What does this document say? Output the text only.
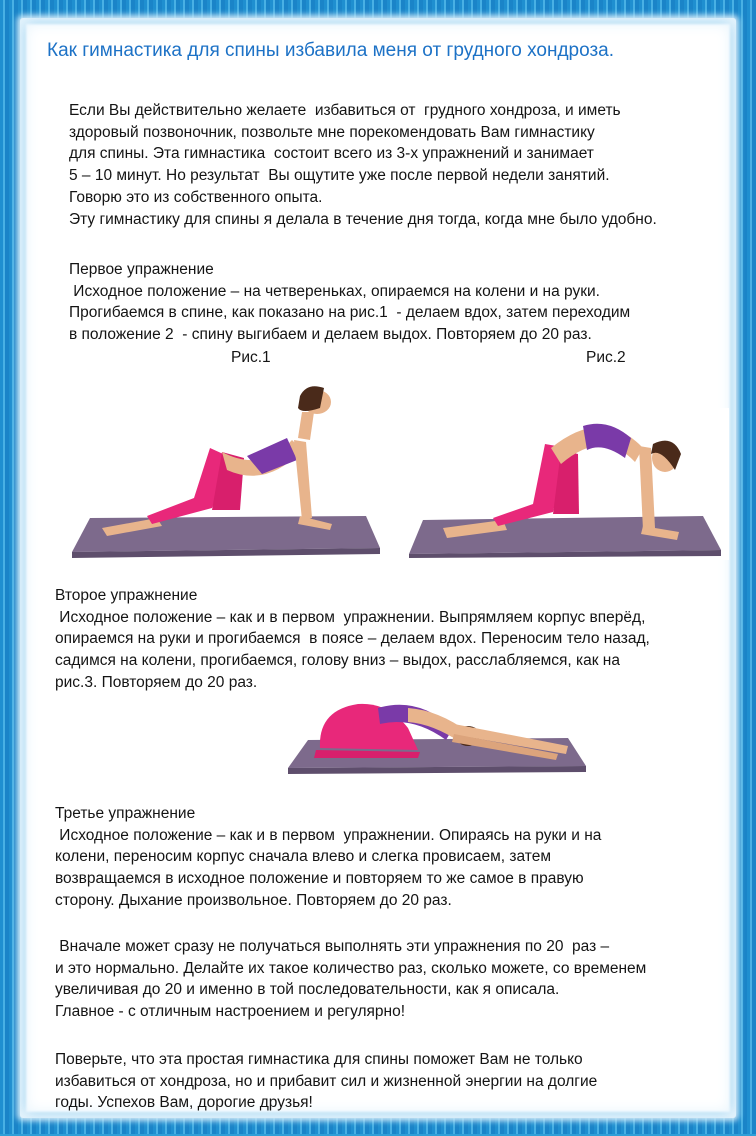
Как гимнастика для спины избавила меня от грудного хондроза.

Если Вы действительно желаете  избавиться от  грудного хондроза, и иметь
здоровый позвоночник, позвольте мне порекомендовать Вам гимнастику
для спины. Эта гимнастика  состоит всего из 3-х упражнений и занимает
5 – 10 минут. Но результат  Вы ощутите уже после первой недели занятий.
Говорю это из собственного опыта.
Эту гимнастику для спины я делала в течение дня тогда, когда мне было удобно.

Первое упражнение
Исходное положение – на четвереньках, опираемся на колени и на руки.
Прогибаемся в спине, как показано на рис.1  - делаем вдох, затем переходим
в положение 2  - спину выгибаем и делаем выдох. Повторяем до 20 раз.

Рис.1	Рис.2

Второе упражнение
Исходное положение – как и в первом  упражнении. Выпрямляем корпус вперёд,
опираемся на руки и прогибаемся  в поясе – делаем вдох. Переносим тело назад,
садимся на колени, прогибаемся, голову вниз – выдох, расслабляемся, как на
рис.3. Повторяем до 20 раз.

Третье упражнение
Исходное положение – как и в первом  упражнении. Опираясь на руки и на
колени, переносим корпус сначала влево и слегка провисаем, затем
возвращаемся в исходное положение и повторяем то же самое в правую
сторону. Дыхание произвольное. Повторяем до 20 раз.

Вначале может сразу не получаться выполнять эти упражнения по 20  раз –
и это нормально. Делайте их такое количество раз, сколько можете, со временем
увеличивая до 20 и именно в той последовательности, как я описала.
Главное - с отличным настроением и регулярно!

Поверьте, что эта простая гимнастика для спины поможет Вам не только
избавиться от хондроза, но и прибавит сил и жизненной энергии на долгие
годы. Успехов Вам, дорогие друзья!
